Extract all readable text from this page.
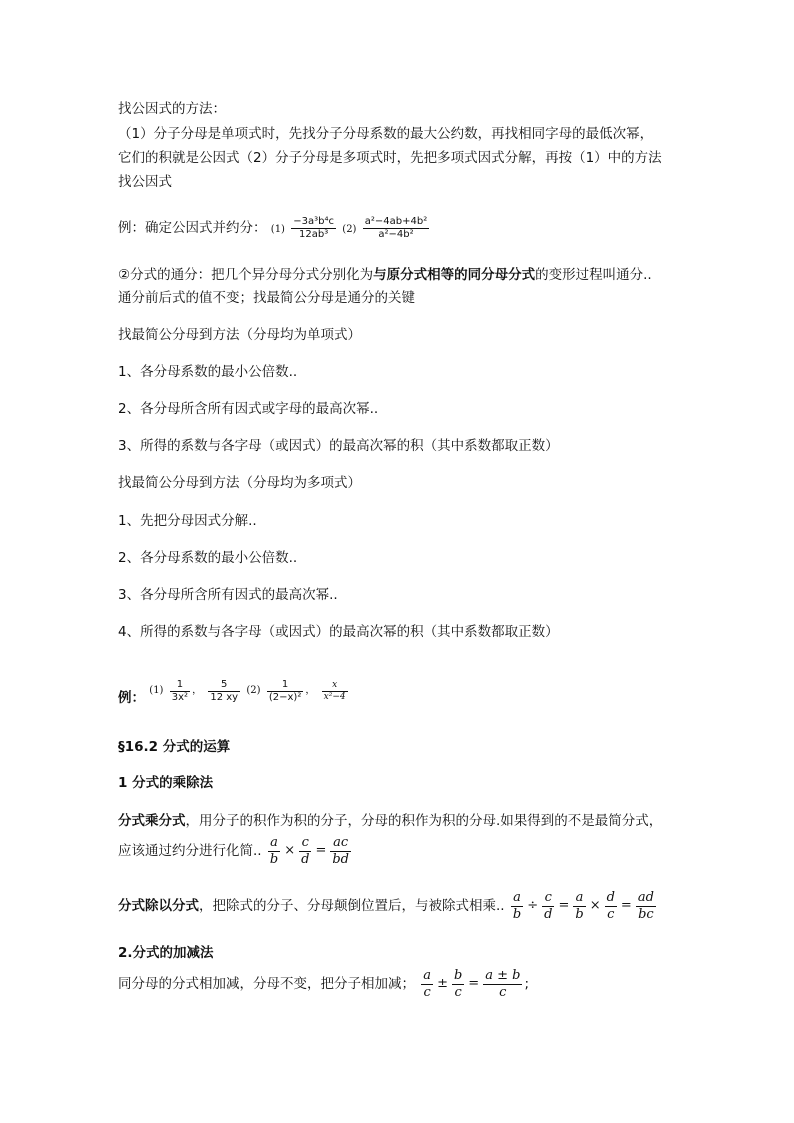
找公因式的方法：
（1）分子分母是单项式时，先找分子分母系数的最大公约数，再找相同字母的最低次幂，
它们的积就是公因式（2）分子分母是多项式时，先把多项式因式分解，再按（1）中的方法
找公因式
例：确定公因式并约分： $(1) \frac{\text{−3a³b⁴c}}{\text{12ab³}} (2) \frac{\text{a²−4ab+4b²}}{\text{a²−4b²}}$
②分式的通分：把几个异分母分式分别化为与原分式相等的同分母分式的变形过程叫通分..
通分前后式的值不变；找最简公分母是通分的关键
找最简公分母到方法（分母均为单项式）
1、各分母系数的最小公倍数..
2、各分母所含所有因式或字母的最高次幂..
3、所得的系数与各字母（或因式）的最高次幂的积（其中系数都取正数）
找最简公分母到方法（分母均为多项式）
1、先把分母因式分解..
2、各分母系数的最小公倍数..
3、各分母所含所有因式的最高次幂..
4、所得的系数与各字母（或因式）的最高次幂的积（其中系数都取正数）
例： $(1) \frac{1}{\text{3x²}}$ ， $\frac{5}{12 xy} (2) \frac{1}{\text{(2−x)²}}$ ， $\frac{x}{\text{x²−4}}$
§16.2 分式的运算
1 分式的乘除法
分式乘分式，用分子的积作为积的分子，分母的积作为积的分母.如果得到的不是最简分式，
应该通过约分进行化简.. $\frac{a}{b} \times \frac{c}{d} = \frac{ac}{bd}$
分式除以分式，把除式的分子、分母颠倒位置后，与被除式相乘.. $\frac{a}{b} \div \frac{c}{d} = \frac{a}{b} \times \frac{d}{c} = \frac{ad}{bc}$
2.分式的加减法
同分母的分式相加减，分母不变，把分子相加减； $\frac{a}{c} \pm \frac{b}{c} = \frac{a \pm b}{c}$ ;
